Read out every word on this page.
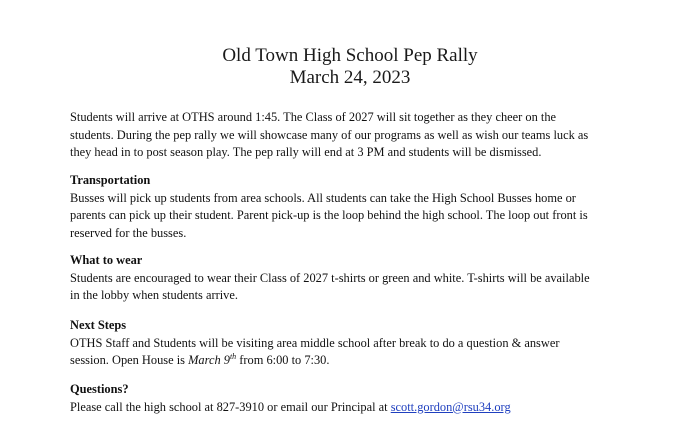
Old Town High School Pep Rally
March 24, 2023
Students will arrive at OTHS around 1:45. The Class of 2027 will sit together as they cheer on the
students. During the pep rally we will showcase many of our programs as well as wish our teams luck as
they head in to post season play. The pep rally will end at 3 PM and students will be dismissed.
Transportation
Busses will pick up students from area schools. All students can take the High School Busses home or
parents can pick up their student. Parent pick-up is the loop behind the high school. The loop out front is
reserved for the busses.
What to wear
Students are encouraged to wear their Class of 2027 t-shirts or green and white. T-shirts will be available
in the lobby when students arrive.
Next Steps
OTHS Staff and Students will be visiting area middle school after break to do a question & answer
session. Open House is March 9th from 6:00 to 7:30.
Questions?
Please call the high school at 827-3910 or email our Principal at scott.gordon@rsu34.org
